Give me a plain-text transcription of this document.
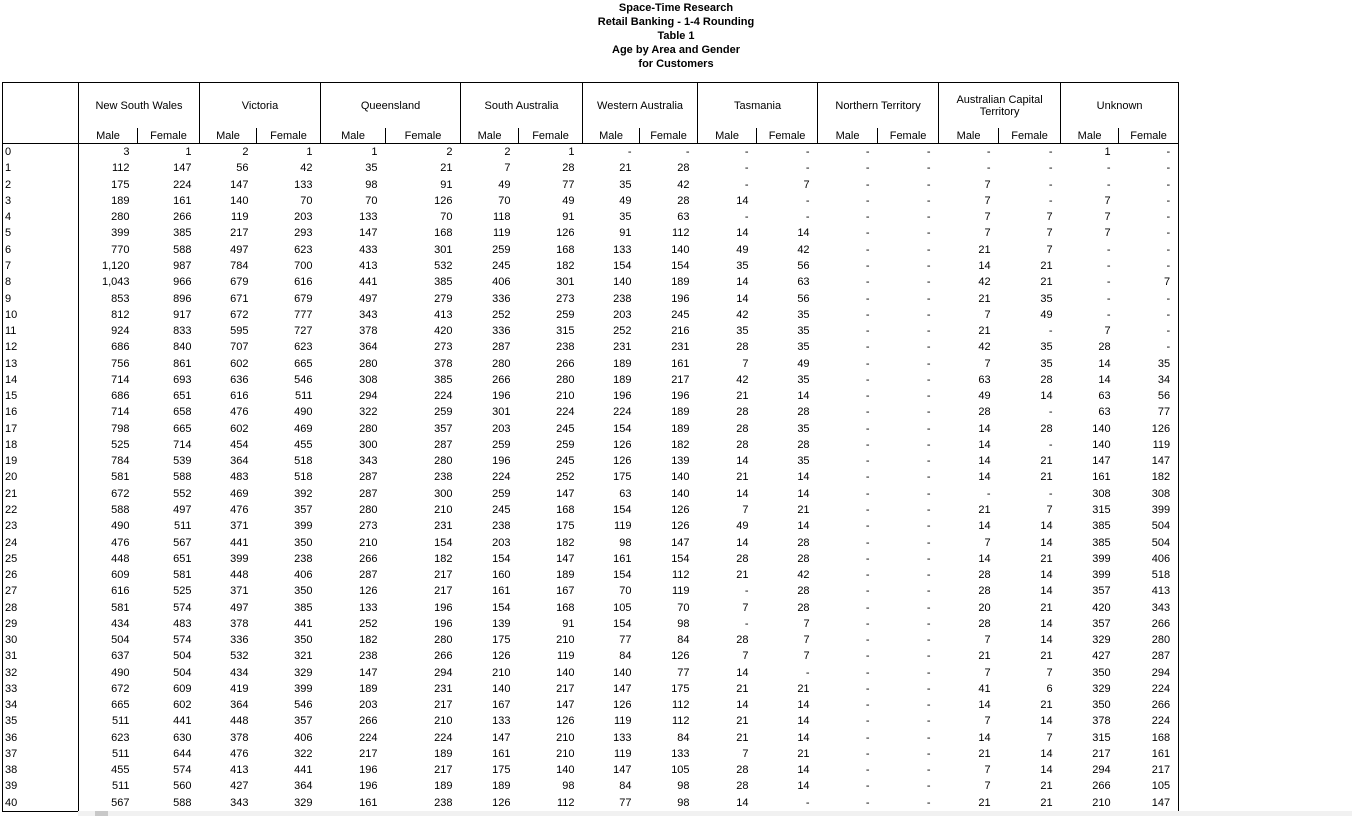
Space-Time Research
Retail Banking - 1-4 Rounding
Table 1
Age by Area and Gender
for Customers
	New South Wales		Victoria		Queensland		South Australia		Western Australia		Tasmania		Northern Territory		Australian Capital Territory		Unknown	
	Male	Female	Male	Female	Male	Female	Male	Female	Male	Female	Male	Female	Male	Female	Male	Female	Male	Female
0	3	1	2	1	1	2	2	1	-	-	-	-	-	-	-	-	1	-
1	112	147	56	42	35	21	7	28	21	28	-	-	-	-	-	-	-	-
2	175	224	147	133	98	91	49	77	35	42	-	7	-	-	7	-	-	-
3	189	161	140	70	70	126	70	49	49	28	14	-	-	-	7	-	7	-
4	280	266	119	203	133	70	118	91	35	63	-	-	-	-	7	7	7	-
5	399	385	217	293	147	168	119	126	91	112	14	14	-	-	7	7	7	-
6	770	588	497	623	433	301	259	168	133	140	49	42	-	-	21	7	-	-
7	1,120	987	784	700	413	532	245	182	154	154	35	56	-	-	14	21	-	-
8	1,043	966	679	616	441	385	406	301	140	189	14	63	-	-	42	21	-	7
9	853	896	671	679	497	279	336	273	238	196	14	56	-	-	21	35	-	-
10	812	917	672	777	343	413	252	259	203	245	42	35	-	-	7	49	-	-
11	924	833	595	727	378	420	336	315	252	216	35	35	-	-	21	-	7	-
12	686	840	707	623	364	273	287	238	231	231	28	35	-	-	42	35	28	-
13	756	861	602	665	280	378	280	266	189	161	7	49	-	-	7	35	14	35
14	714	693	636	546	308	385	266	280	189	217	42	35	-	-	63	28	14	34
15	686	651	616	511	294	224	196	210	196	196	21	14	-	-	49	14	63	56
16	714	658	476	490	322	259	301	224	224	189	28	28	-	-	28	-	63	77
17	798	665	602	469	280	357	203	245	154	189	28	35	-	-	14	28	140	126
18	525	714	454	455	300	287	259	259	126	182	28	28	-	-	14	-	140	119
19	784	539	364	518	343	280	196	245	126	139	14	35	-	-	14	21	147	147
20	581	588	483	518	287	238	224	252	175	140	21	14	-	-	14	21	161	182
21	672	552	469	392	287	300	259	147	63	140	14	14	-	-	-	-	308	308
22	588	497	476	357	280	210	245	168	154	126	7	21	-	-	21	7	315	399
23	490	511	371	399	273	231	238	175	119	126	49	14	-	-	14	14	385	504
24	476	567	441	350	210	154	203	182	98	147	14	28	-	-	7	14	385	504
25	448	651	399	238	266	182	154	147	161	154	28	28	-	-	14	21	399	406
26	609	581	448	406	287	217	160	189	154	112	21	42	-	-	28	14	399	518
27	616	525	371	350	126	217	161	167	70	119	-	28	-	-	28	14	357	413
28	581	574	497	385	133	196	154	168	105	70	7	28	-	-	20	21	420	343
29	434	483	378	441	252	196	139	91	154	98	-	7	-	-	28	14	357	266
30	504	574	336	350	182	280	175	210	77	84	28	7	-	-	7	14	329	280
31	637	504	532	321	238	266	126	119	84	126	7	7	-	-	21	21	427	287
32	490	504	434	329	147	294	210	140	140	77	14	-	-	-	7	7	350	294
33	672	609	419	399	189	231	140	217	147	175	21	21	-	-	41	6	329	224
34	665	602	364	546	203	217	167	147	126	112	14	14	-	-	14	21	350	266
35	511	441	448	357	266	210	133	126	119	112	21	14	-	-	7	14	378	224
36	623	630	378	406	224	224	147	210	133	84	21	14	-	-	14	7	315	168
37	511	644	476	322	217	189	161	210	119	133	7	21	-	-	21	14	217	161
38	455	574	413	441	196	217	175	140	147	105	28	14	-	-	7	14	294	217
39	511	560	427	364	196	189	189	98	84	98	28	14	-	-	7	21	266	105
40	567	588	343	329	161	238	126	112	77	98	14	-	-	-	21	21	210	147
